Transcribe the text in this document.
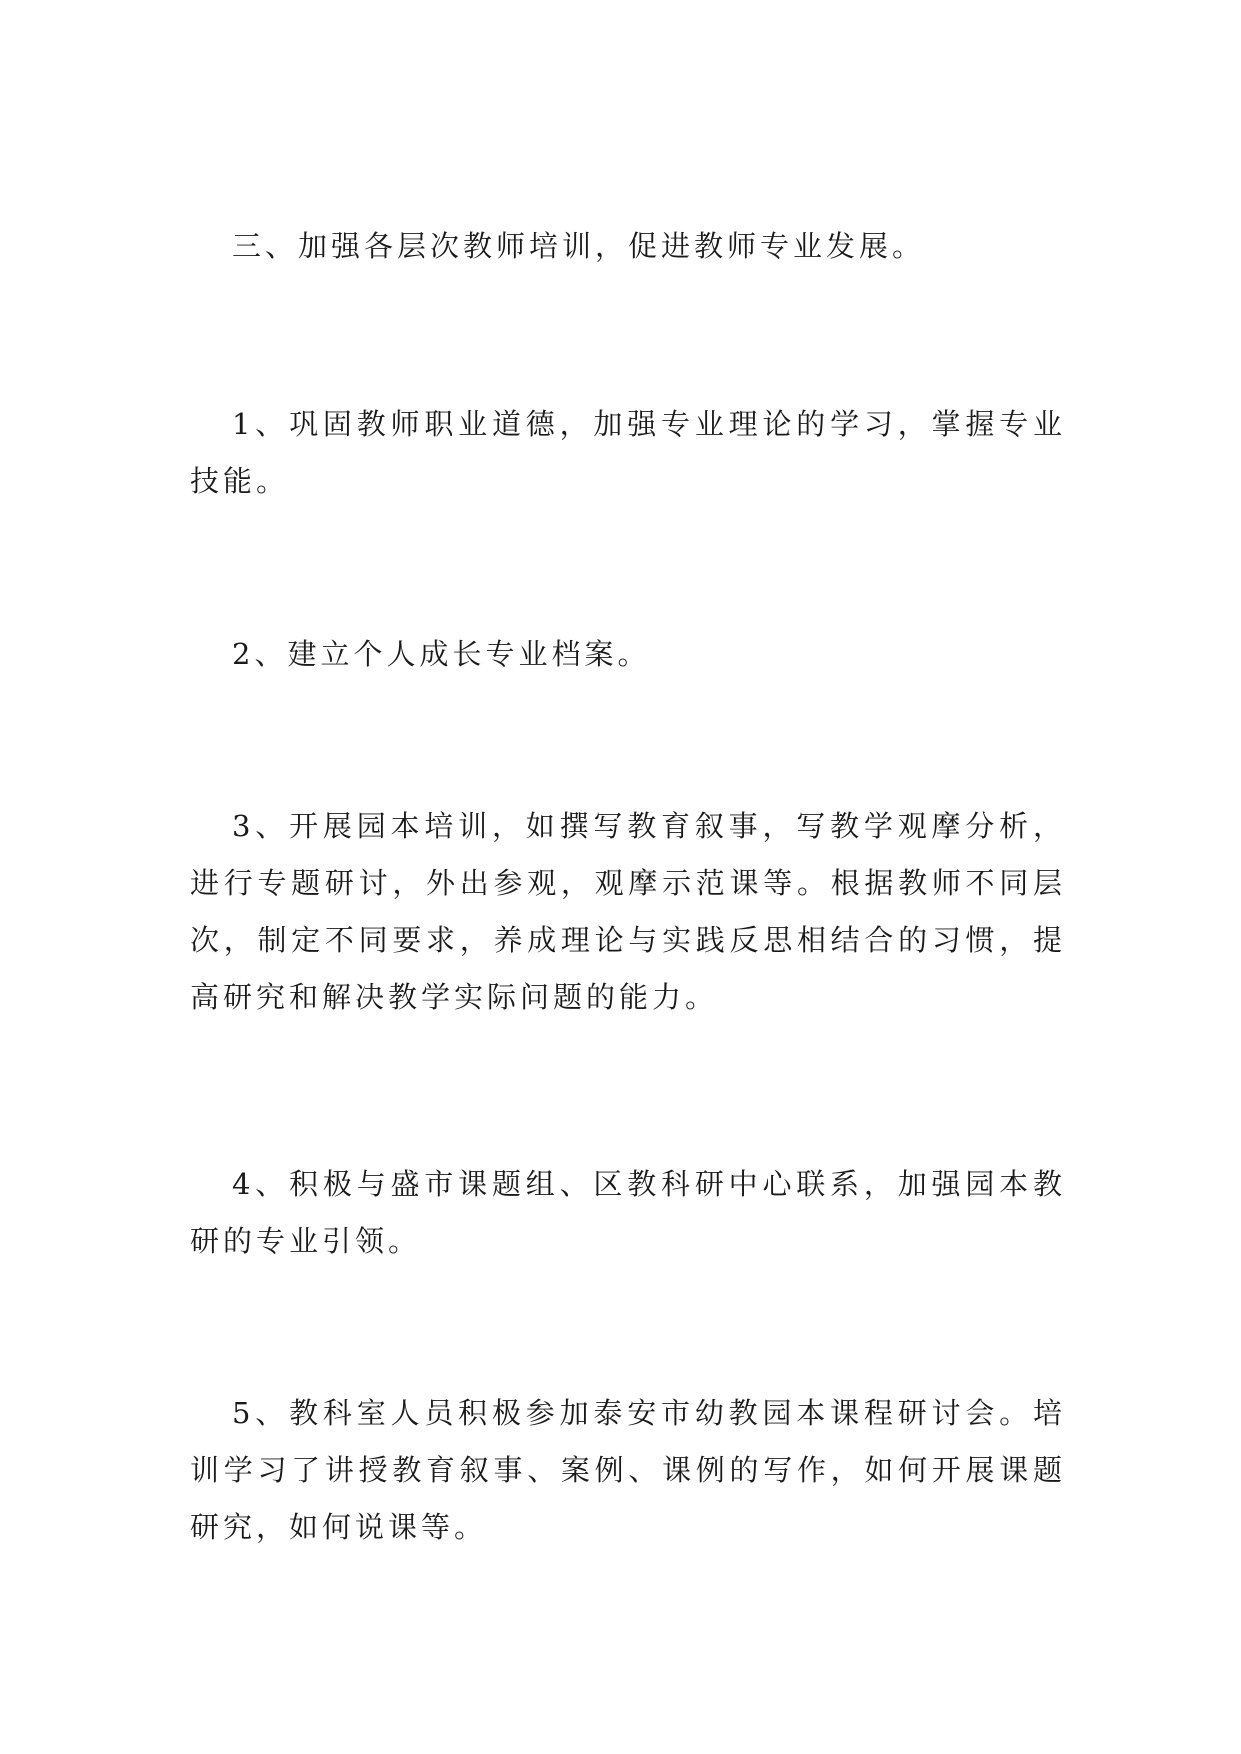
三、加强各层次教师培训，促进教师专业发展。

1、巩固教师职业道德，加强专业理论的学习，掌握专业技能。

2、建立个人成长专业档案。

3、开展园本培训，如撰写教育叙事，写教学观摩分析，进行专题研讨，外出参观，观摩示范课等。根据教师不同层次，制定不同要求，养成理论与实践反思相结合的习惯，提高研究和解决教学实际问题的能力。

4、积极与盛市课题组、区教科研中心联系，加强园本教研的专业引领。

5、教科室人员积极参加泰安市幼教园本课程研讨会。培训学习了讲授教育叙事、案例、课例的写作，如何开展课题研究，如何说课等。
